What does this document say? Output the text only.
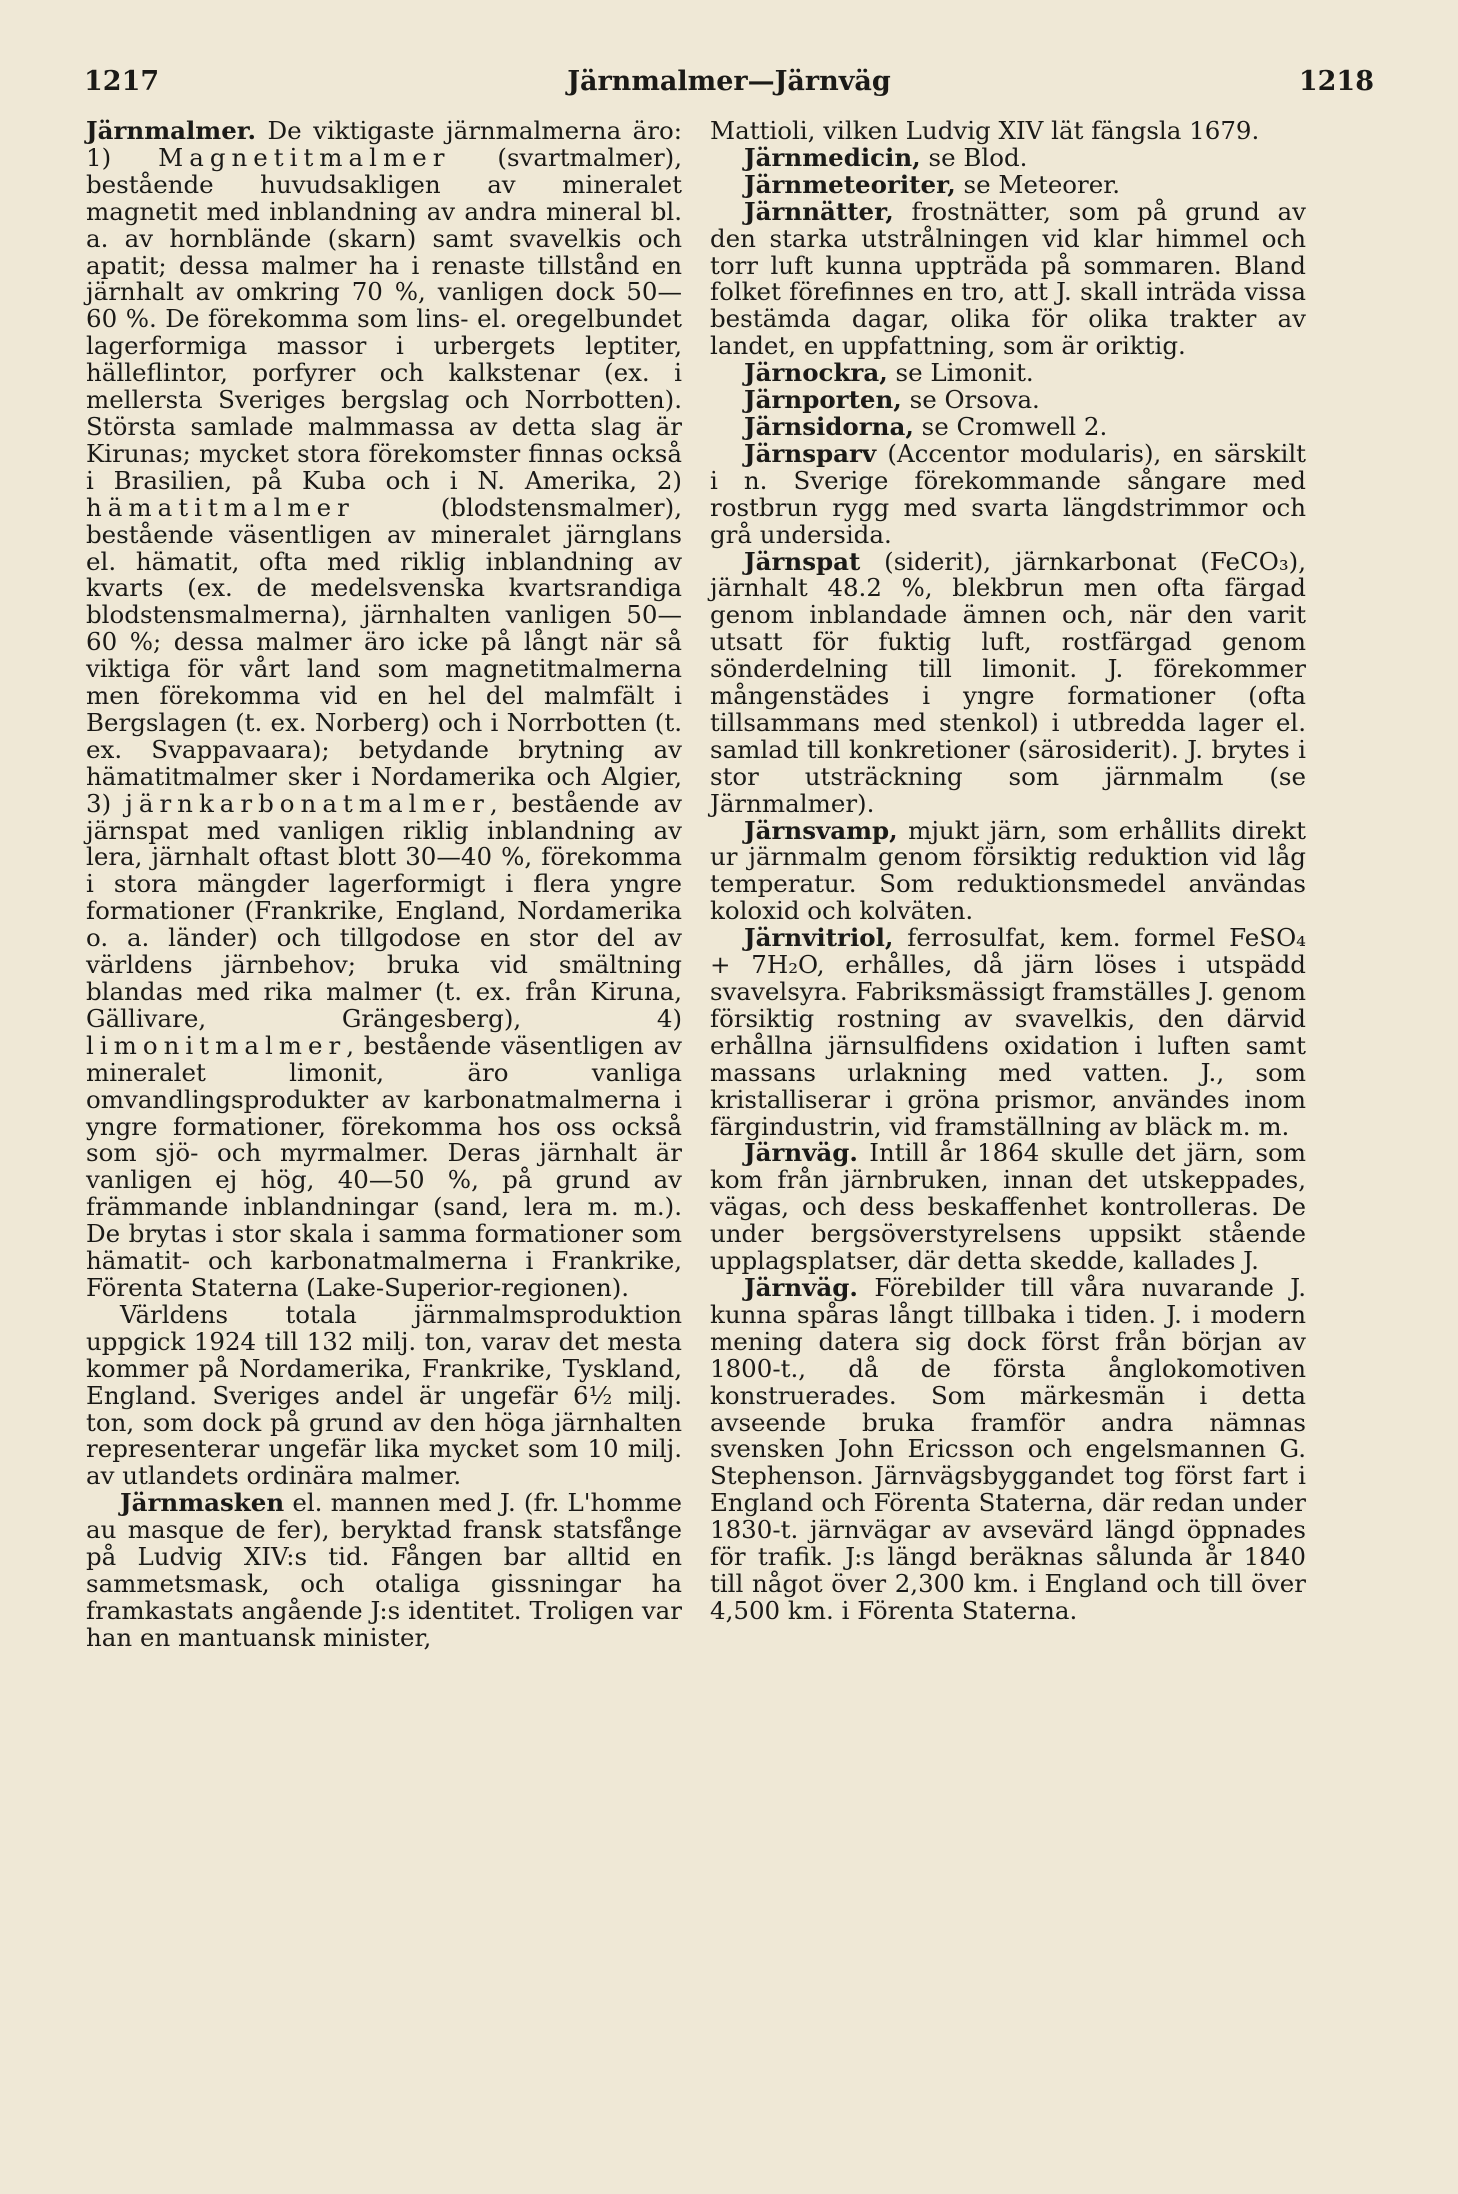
1217	Järnmalmer—Järnväg	1218

Järnmalmer. De viktigaste järnmalmerna äro: 1) Magnetitmalmer (svartmalmer), bestående huvudsakligen av mineralet magnetit med inblandning av andra mineral bl. a. av hornblände (skarn) samt svavelkis och apatit; dessa malmer ha i renaste tillstånd en järnhalt av omkring 70 %, vanligen dock 50—60 %. De förekomma som lins- el. oregelbundet lagerformiga massor i urbergets leptiter, hälleflintor, porfyrer och kalkstenar (ex. i mellersta Sveriges bergslag och Norrbotten). Största samlade malmmassa av detta slag är Kirunas; mycket stora förekomster finnas också i Brasilien, på Kuba och i N. Amerika, 2) hämatitmalmer (blodstensmalmer), bestående väsentligen av mineralet järnglans el. hämatit, ofta med riklig inblandning av kvarts (ex. de medelsvenska kvartsrandiga blodstensmalmerna), järnhalten vanligen 50—60 %; dessa malmer äro icke på långt när så viktiga för vårt land som magnetitmalmerna men förekomma vid en hel del malmfält i Bergslagen (t. ex. Norberg) och i Norrbotten (t. ex. Svappavaara); betydande brytning av hämatitmalmer sker i Nordamerika och Algier, 3) järnkarbonatmalmer, bestående av järnspat med vanligen riklig inblandning av lera, järnhalt oftast blott 30—40 %, förekomma i stora mängder lagerformigt i flera yngre formationer (Frankrike, England, Nordamerika o. a. länder) och tillgodose en stor del av världens järnbehov; bruka vid smältning blandas med rika malmer (t. ex. från Kiruna, Gällivare, Grängesberg), 4) limonitmalmer, bestående väsentligen av mineralet limonit, äro vanliga omvandlingsprodukter av karbonatmalmerna i yngre formationer, förekomma hos oss också som sjö- och myrmalmer. Deras järnhalt är vanligen ej hög, 40—50 %, på grund av främmande inblandningar (sand, lera m. m.). De brytas i stor skala i samma formationer som hämatit- och karbonatmalmerna i Frankrike, Förenta Staterna (Lake-Superior-regionen).

Världens totala järnmalmsproduktion uppgick 1924 till 132 milj. ton, varav det mesta kommer på Nordamerika, Frankrike, Tyskland, England. Sveriges andel är ungefär 6½ milj. ton, som dock på grund av den höga järnhalten representerar ungefär lika mycket som 10 milj. av utlandets ordinära malmer.

Järnmasken el. mannen med J. (fr. L'homme au masque de fer), beryktad fransk statsfånge på Ludvig XIV:s tid. Fången bar alltid en sammetsmask, och otaliga gissningar ha framkastats angående J:s identitet. Troligen var han en mantuansk minister,

Mattioli, vilken Ludvig XIV lät fängsla 1679.

Järnmedicin, se Blod.

Järnmeteoriter, se Meteorer.

Järnnätter, frostnätter, som på grund av den starka utstrålningen vid klar himmel och torr luft kunna uppträda på sommaren. Bland folket förefinnes en tro, att J. skall inträda vissa bestämda dagar, olika för olika trakter av landet, en uppfattning, som är oriktig.

Järnockra, se Limonit.

Järnporten, se Orsova.

Järnsidorna, se Cromwell 2.

Järnsparv (Accentor modularis), en särskilt i n. Sverige förekommande sångare med rostbrun rygg med svarta längdstrimmor och grå undersida.

Järnspat (siderit), järnkarbonat (FeCO₃), järnhalt 48.2 %, blekbrun men ofta färgad genom inblandade ämnen och, när den varit utsatt för fuktig luft, rostfärgad genom sönderdelning till limonit. J. förekommer mångenstädes i yngre formationer (ofta tillsammans med stenkol) i utbredda lager el. samlad till konkretioner (särosiderit). J. brytes i stor utsträckning som järnmalm (se Järnmalmer).

Järnsvamp, mjukt järn, som erhållits direkt ur järnmalm genom försiktig reduktion vid låg temperatur. Som reduktionsmedel användas koloxid och kolväten.

Järnvitriol, ferrosulfat, kem. formel FeSO₄ + 7H₂O, erhålles, då järn löses i utspädd svavelsyra. Fabriksmässigt framställes J. genom försiktig rostning av svavelkis, den därvid erhållna järnsulfidens oxidation i luften samt massans urlakning med vatten. J., som kristalliserar i gröna prismor, användes inom färgindustrin, vid framställning av bläck m. m.

Järnväg. Intill år 1864 skulle det järn, som kom från järnbruken, innan det utskeppades, vägas, och dess beskaffenhet kontrolleras. De under bergsöverstyrelsens uppsikt stående upplagsplatser, där detta skedde, kallades J.

Järnväg. Förebilder till våra nuvarande J. kunna spåras långt tillbaka i tiden. J. i modern mening datera sig dock först från början av 1800-t., då de första ånglokomotiven konstruerades. Som märkesmän i detta avseende bruka framför andra nämnas svensken John Ericsson och engelsmannen G. Stephenson. Järnvägsbyggandet tog först fart i England och Förenta Staterna, där redan under 1830-t. järnvägar av avsevärd längd öppnades för trafik. J:s längd beräknas sålunda år 1840 till något över 2,300 km. i England och till över 4,500 km. i Förenta Staterna.
